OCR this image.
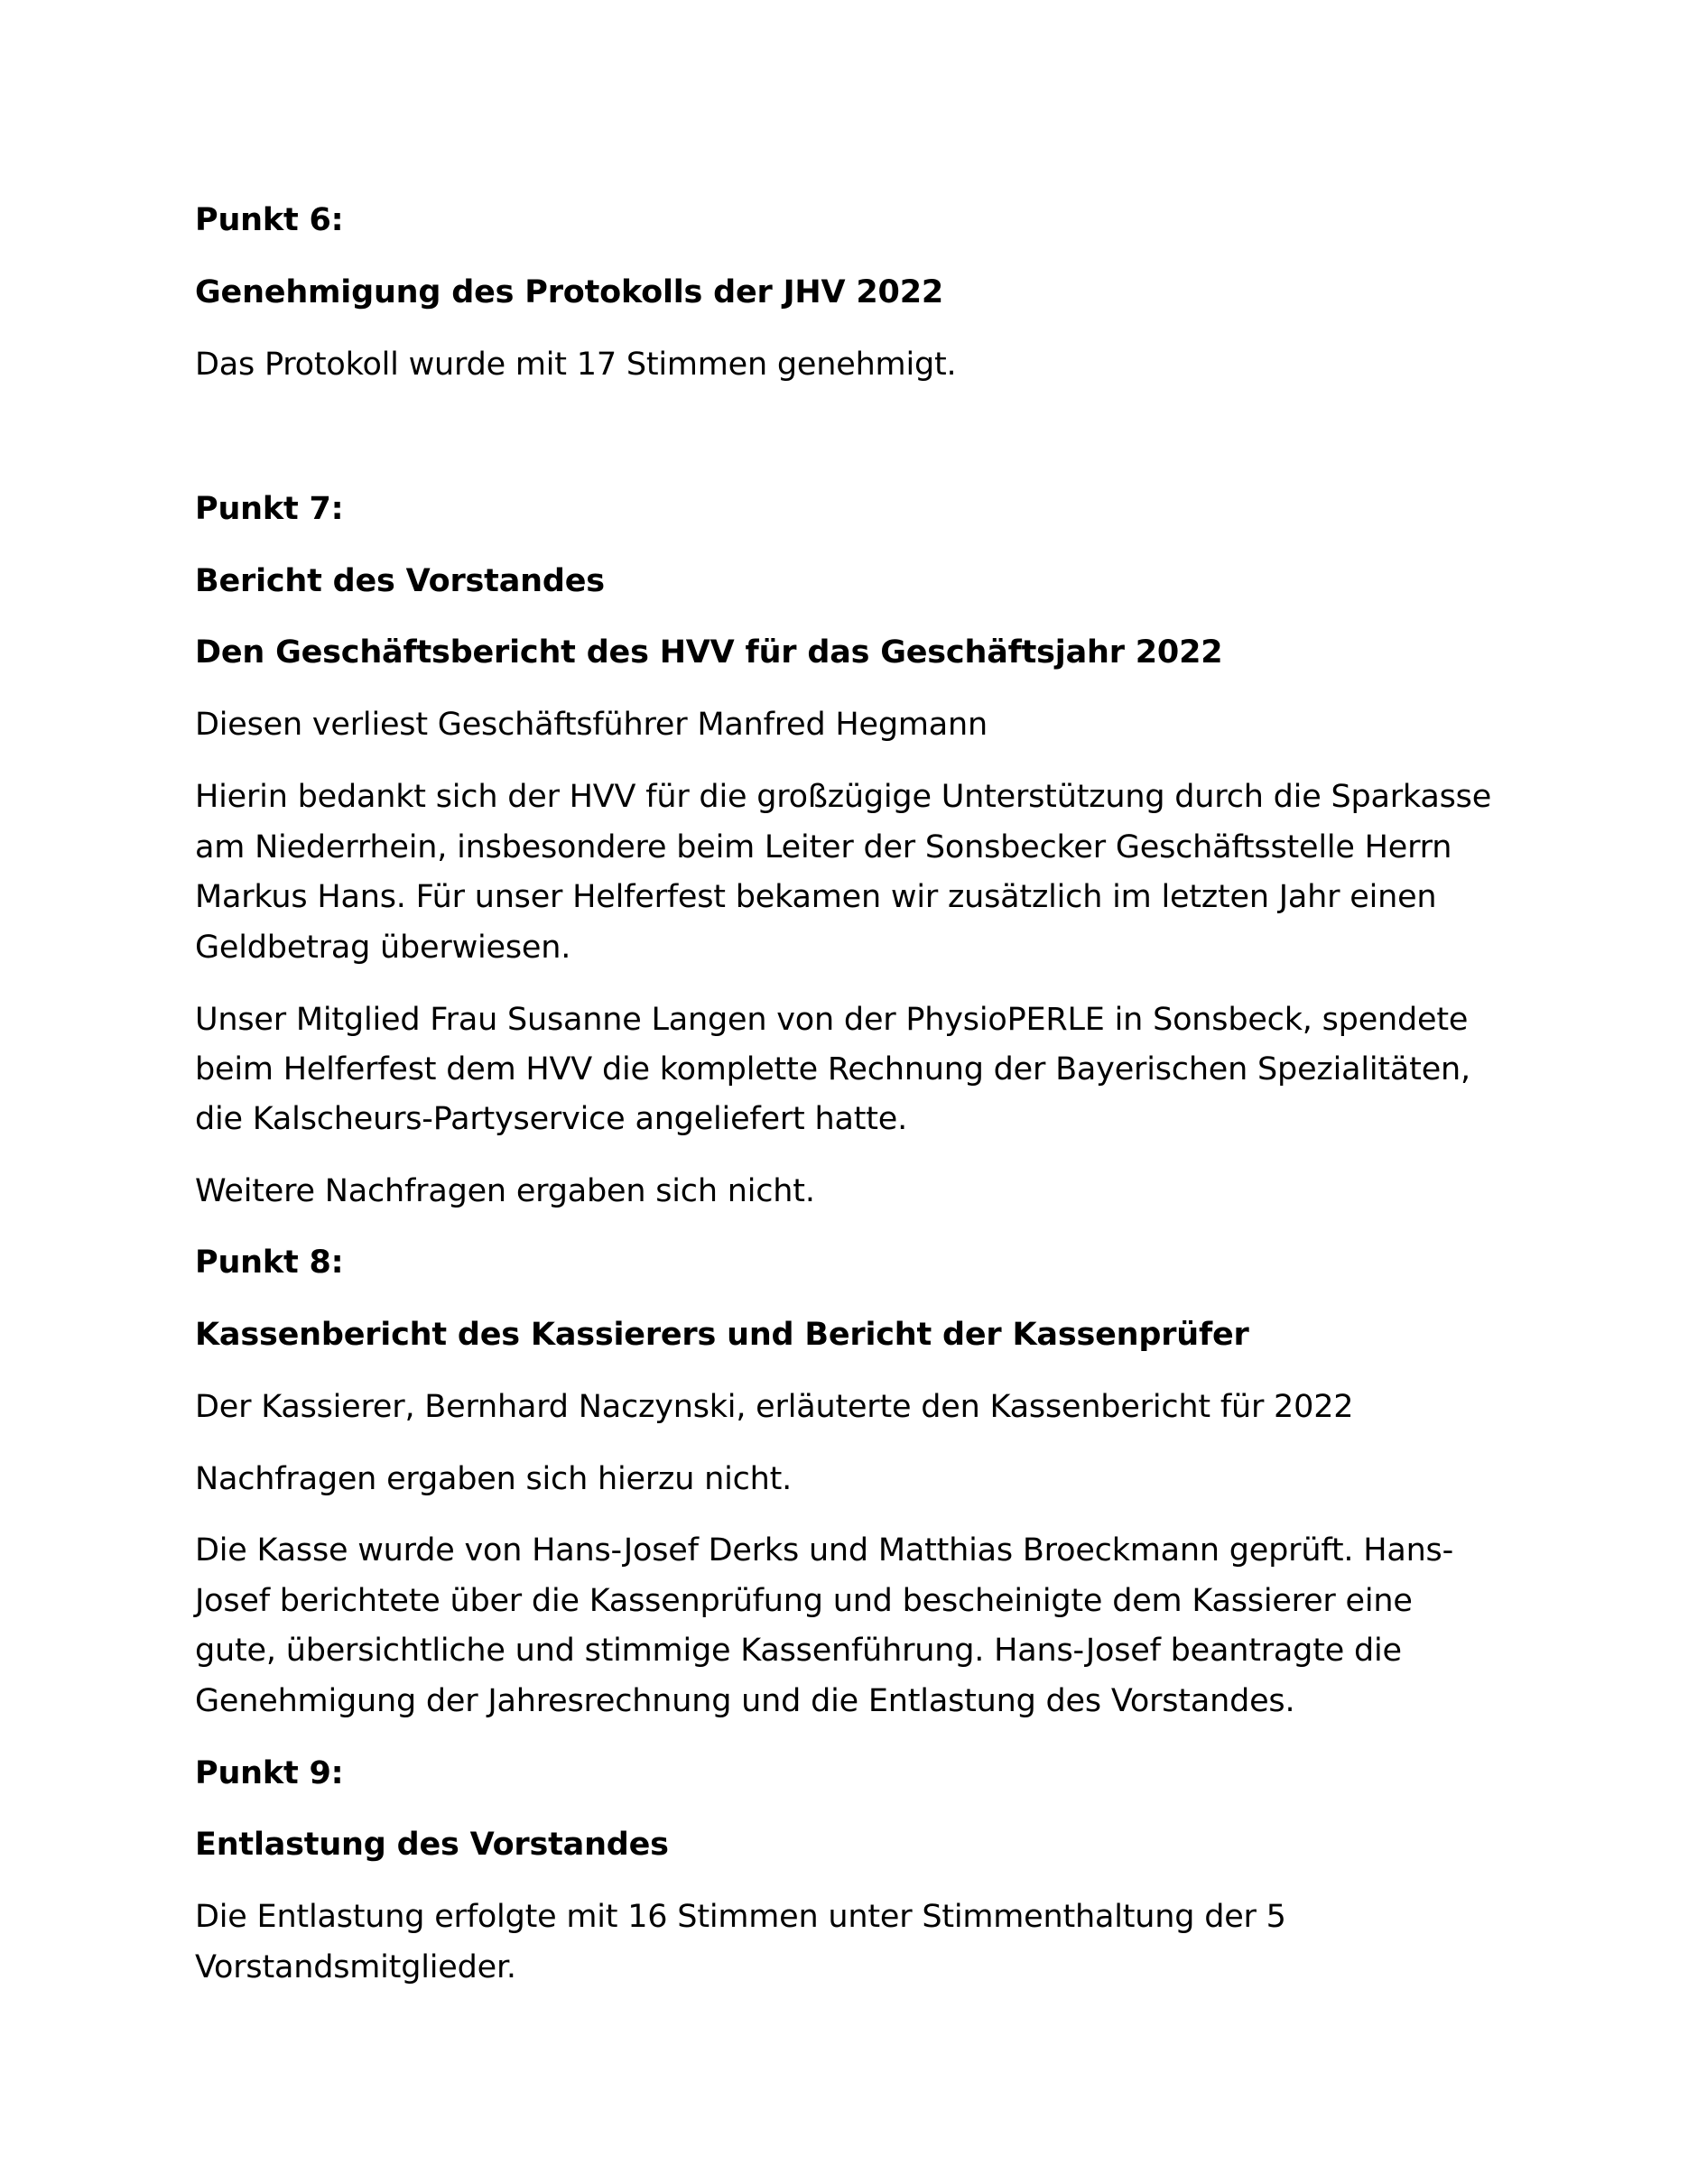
Punkt 6:
Genehmigung des Protokolls der JHV 2022
Das Protokoll wurde mit 17 Stimmen genehmigt.
Punkt 7:
Bericht des Vorstandes
Den Geschäftsbericht des HVV für das Geschäftsjahr 2022
Diesen verliest Geschäftsführer Manfred Hegmann
Hierin bedankt sich der HVV für die großzügige Unterstützung durch die Sparkasse
am Niederrhein, insbesondere beim Leiter der Sonsbecker Geschäftsstelle Herrn
Markus Hans. Für unser Helferfest bekamen wir zusätzlich im letzten Jahr einen
Geldbetrag überwiesen.
Unser Mitglied Frau Susanne Langen von der PhysioPERLE in Sonsbeck, spendete
beim Helferfest dem HVV die komplette Rechnung der Bayerischen Spezialitäten,
die Kalscheurs-Partyservice angeliefert hatte.
Weitere Nachfragen ergaben sich nicht.
Punkt 8:
Kassenbericht des Kassierers und Bericht der Kassenprüfer
Der Kassierer, Bernhard Naczynski, erläuterte den Kassenbericht für 2022
Nachfragen ergaben sich hierzu nicht.
Die Kasse wurde von Hans-Josef Derks und Matthias Broeckmann geprüft. Hans-
Josef berichtete über die Kassenprüfung und bescheinigte dem Kassierer eine
gute, übersichtliche und stimmige Kassenführung. Hans-Josef beantragte die
Genehmigung der Jahresrechnung und die Entlastung des Vorstandes.
Punkt 9:
Entlastung des Vorstandes
Die Entlastung erfolgte mit 16 Stimmen unter Stimmenthaltung der 5
Vorstandsmitglieder.
